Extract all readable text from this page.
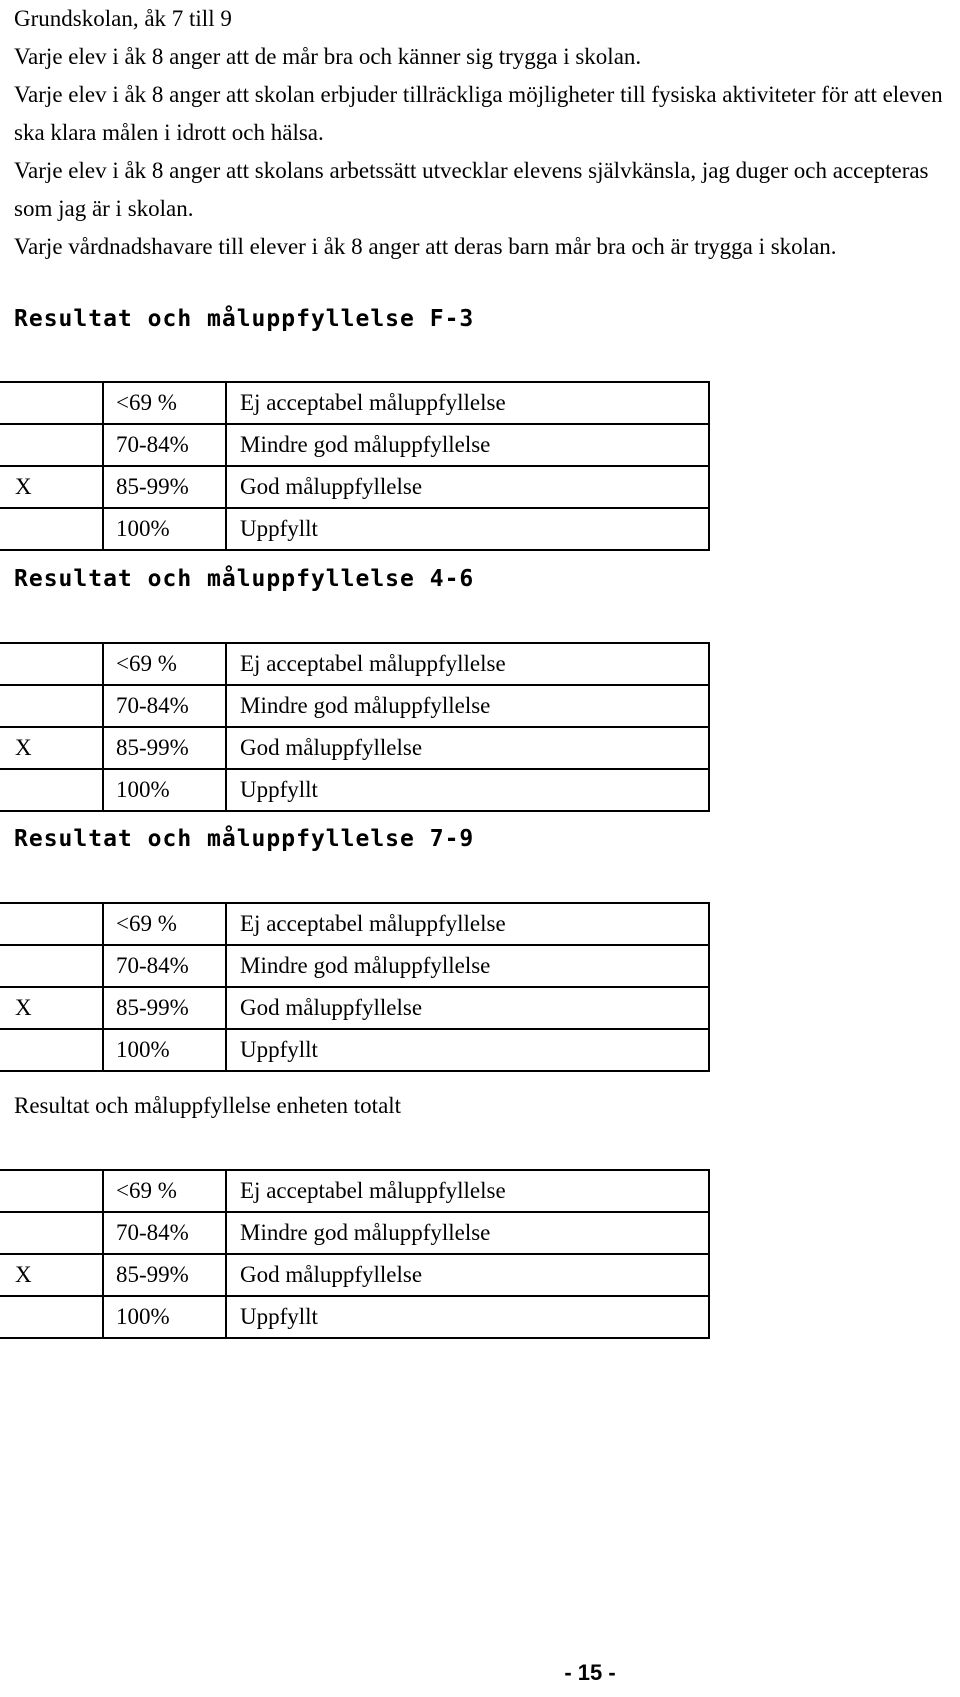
Grundskolan, åk 7 till 9

Varje elev i åk 8 anger att de mår bra och känner sig trygga i skolan.

Varje elev i åk 8 anger att skolan erbjuder tillräckliga möjligheter till fysiska aktiviteter för att eleven ska klara målen i idrott och hälsa.

Varje elev i åk 8 anger att skolans arbetssätt utvecklar elevens självkänsla, jag duger och accepteras som jag är i skolan.

Varje vårdnadshavare till elever i åk 8 anger att deras barn mår bra och är trygga i skolan.

Resultat och måluppfyllelse F-3
	<69 %	Ej acceptabel måluppfyllelse
	70-84%	Mindre god måluppfyllelse
X	85-99%	God måluppfyllelse
	100%	Uppfyllt
Resultat och måluppfyllelse 4-6
	<69 %	Ej acceptabel måluppfyllelse
	70-84%	Mindre god måluppfyllelse
X	85-99%	God måluppfyllelse
	100%	Uppfyllt
Resultat och måluppfyllelse 7-9
	<69 %	Ej acceptabel måluppfyllelse
	70-84%	Mindre god måluppfyllelse
X	85-99%	God måluppfyllelse
	100%	Uppfyllt
Resultat och måluppfyllelse enheten totalt
	<69 %	Ej acceptabel måluppfyllelse
	70-84%	Mindre god måluppfyllelse
X	85-99%	God måluppfyllelse
	100%	Uppfyllt
- 15 -
